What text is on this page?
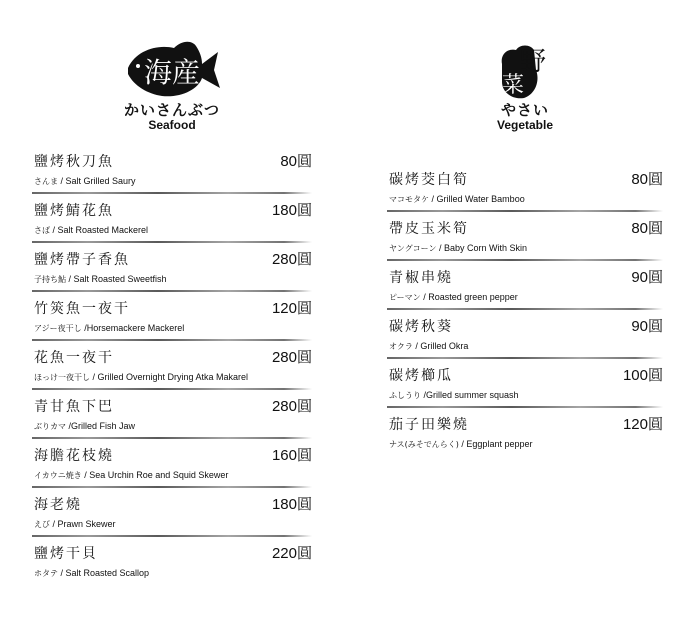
海産
かいさんぶつ
Seafood
鹽烤秋刀魚	80圓
さんま / Salt Grilled Saury
鹽烤鯖花魚	180圓
さば / Salt Roasted Mackerel
鹽烤帶子香魚	280圓
子持ち鮎 / Salt Roasted Sweetfish
竹筴魚一夜干	120圓
アジー夜干し /Horsemackere Mackerel
花魚一夜干	280圓
ほっけ一夜干し / Grilled Overnight Drying Atka Makarel
青甘魚下巴	280圓
ぶりカマ /Grilled Fish Jaw
海膽花枝燒	160圓
イカウニ焼き / Sea Urchin Roe and Squid Skewer
海老燒	180圓
えび / Prawn Skewer
鹽烤干貝	220圓
ホタテ / Salt Roasted Scallop
野
菜
やさい
Vegetable
碳烤茭白筍	80圓
マコモタケ / Grilled Water Bamboo
帶皮玉米筍	80圓
ヤングコーン / Baby Corn With Skin
青椒串燒	90圓
ピーマン / Roasted green pepper
碳烤秋葵	90圓
オクラ / Grilled Okra
碳烤櫛瓜	100圓
ふしうり /Grilled summer squash
茄子田樂燒	120圓
ナス(みそでんらく) / Eggplant pepper
